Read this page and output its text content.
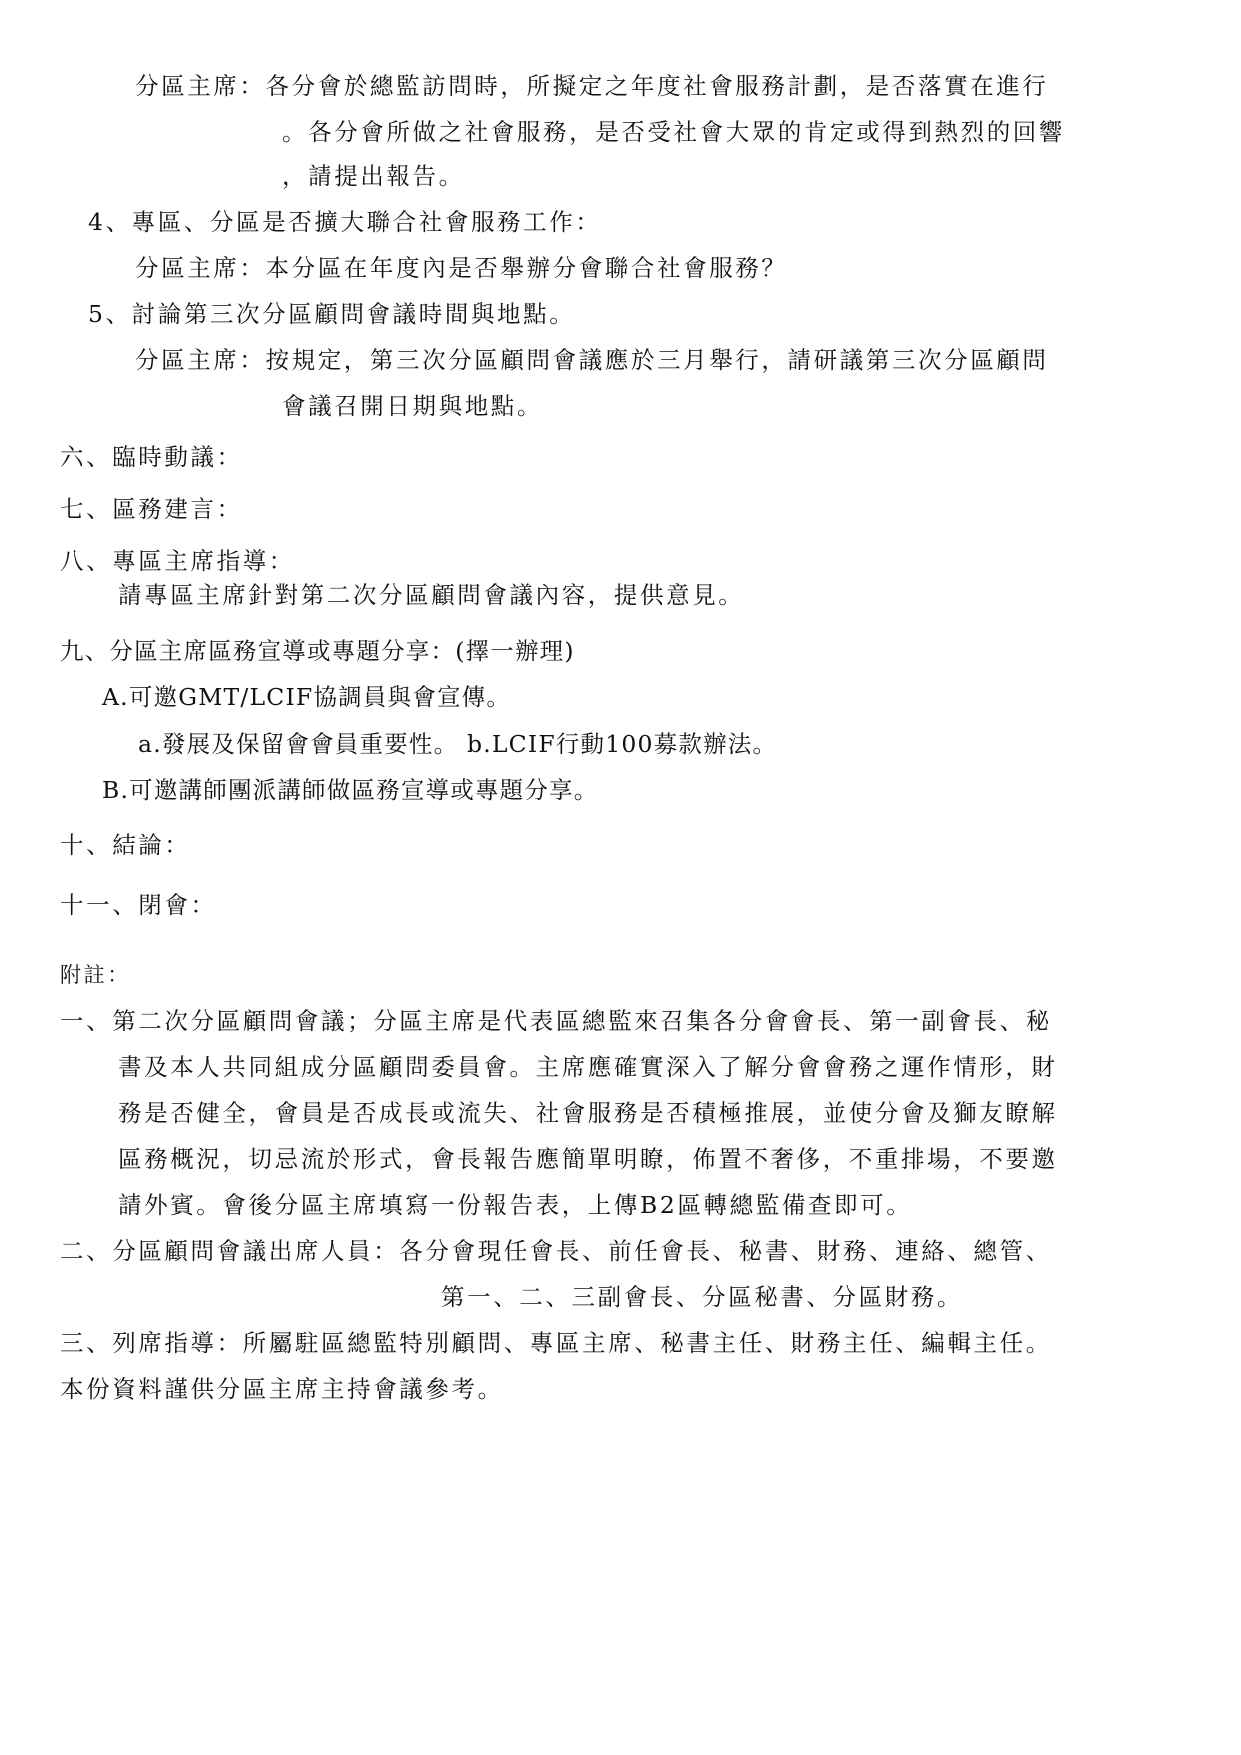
分區主席：各分會於總監訪問時，所擬定之年度社會服務計劃，是否落實在進行
。各分會所做之社會服務，是否受社會大眾的肯定或得到熱烈的回響
，請提出報告。
4、專區、分區是否擴大聯合社會服務工作：
分區主席：本分區在年度內是否舉辦分會聯合社會服務？
5、討論第三次分區顧問會議時間與地點。
分區主席：按規定，第三次分區顧問會議應於三月舉行，請研議第三次分區顧問
會議召開日期與地點。
六、臨時動議：
七、區務建言：
八、專區主席指導：
請專區主席針對第二次分區顧問會議內容，提供意見。
九、分區主席區務宣導或專題分享：(擇一辦理)
A.可邀GMT/LCIF協調員與會宣傳。
a.發展及保留會會員重要性。 b.LCIF行動100募款辦法。
B.可邀講師團派講師做區務宣導或專題分享。
十、結論：
十一、閉會：
附註：
一、第二次分區顧問會議；分區主席是代表區總監來召集各分會會長、第一副會長、秘
書及本人共同組成分區顧問委員會。主席應確實深入了解分會會務之運作情形，財
務是否健全，會員是否成長或流失、社會服務是否積極推展，並使分會及獅友瞭解
區務概況，切忌流於形式，會長報告應簡單明瞭，佈置不奢侈，不重排場，不要邀
請外賓。會後分區主席填寫一份報告表，上傳B2區轉總監備查即可。
二、分區顧問會議出席人員：各分會現任會長、前任會長、秘書、財務、連絡、總管、
第一、二、三副會長、分區秘書、分區財務。
三、列席指導：所屬駐區總監特別顧問、專區主席、秘書主任、財務主任、編輯主任。
本份資料謹供分區主席主持會議參考。
